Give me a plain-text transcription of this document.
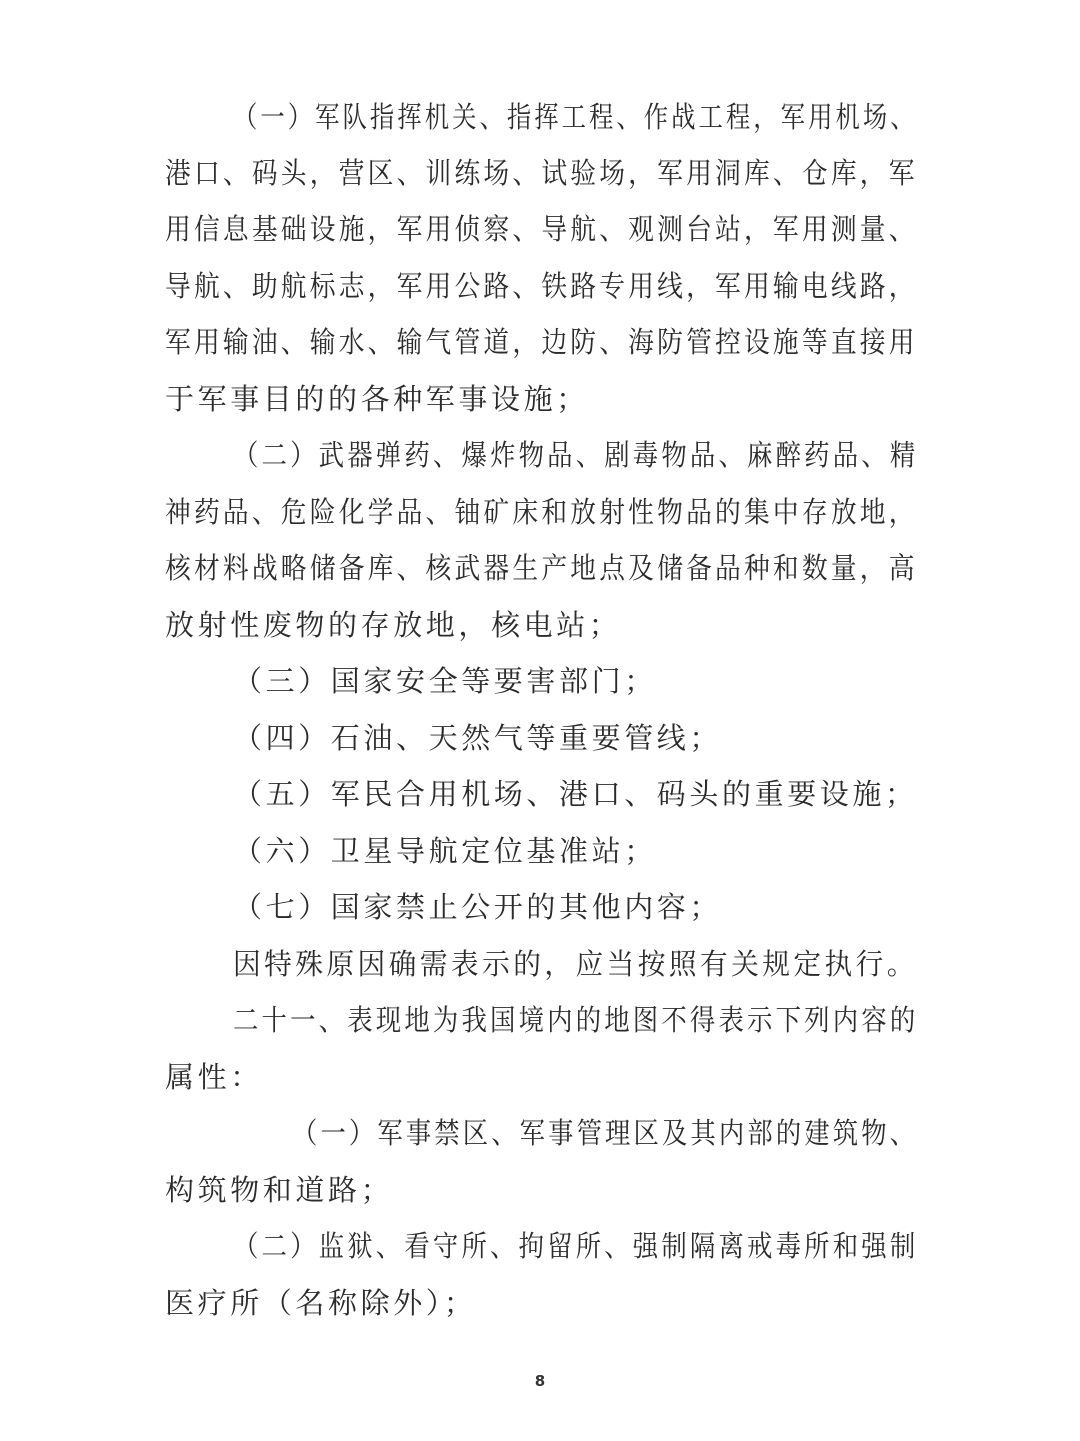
（一）军队指挥机关、指挥工程、作战工程，军用机场、
港口、码头，营区、训练场、试验场，军用洞库、仓库，军
用信息基础设施，军用侦察、导航、观测台站，军用测量、
导航、助航标志，军用公路、铁路专用线，军用输电线路，
军用输油、输水、输气管道，边防、海防管控设施等直接用
于军事目的的各种军事设施；
（二）武器弹药、爆炸物品、剧毒物品、麻醉药品、精
神药品、危险化学品、铀矿床和放射性物品的集中存放地，
核材料战略储备库、核武器生产地点及储备品种和数量，高
放射性废物的存放地，核电站；
（三）国家安全等要害部门；
（四）石油、天然气等重要管线；
（五）军民合用机场、港口、码头的重要设施；
（六）卫星导航定位基准站；
（七）国家禁止公开的其他内容；
因特殊原因确需表示的，应当按照有关规定执行。
二十一、表现地为我国境内的地图不得表示下列内容的
属性：
（一）军事禁区、军事管理区及其内部的建筑物、
构筑物和道路；
（二）监狱、看守所、拘留所、强制隔离戒毒所和强制
医疗所（名称除外）；
8
